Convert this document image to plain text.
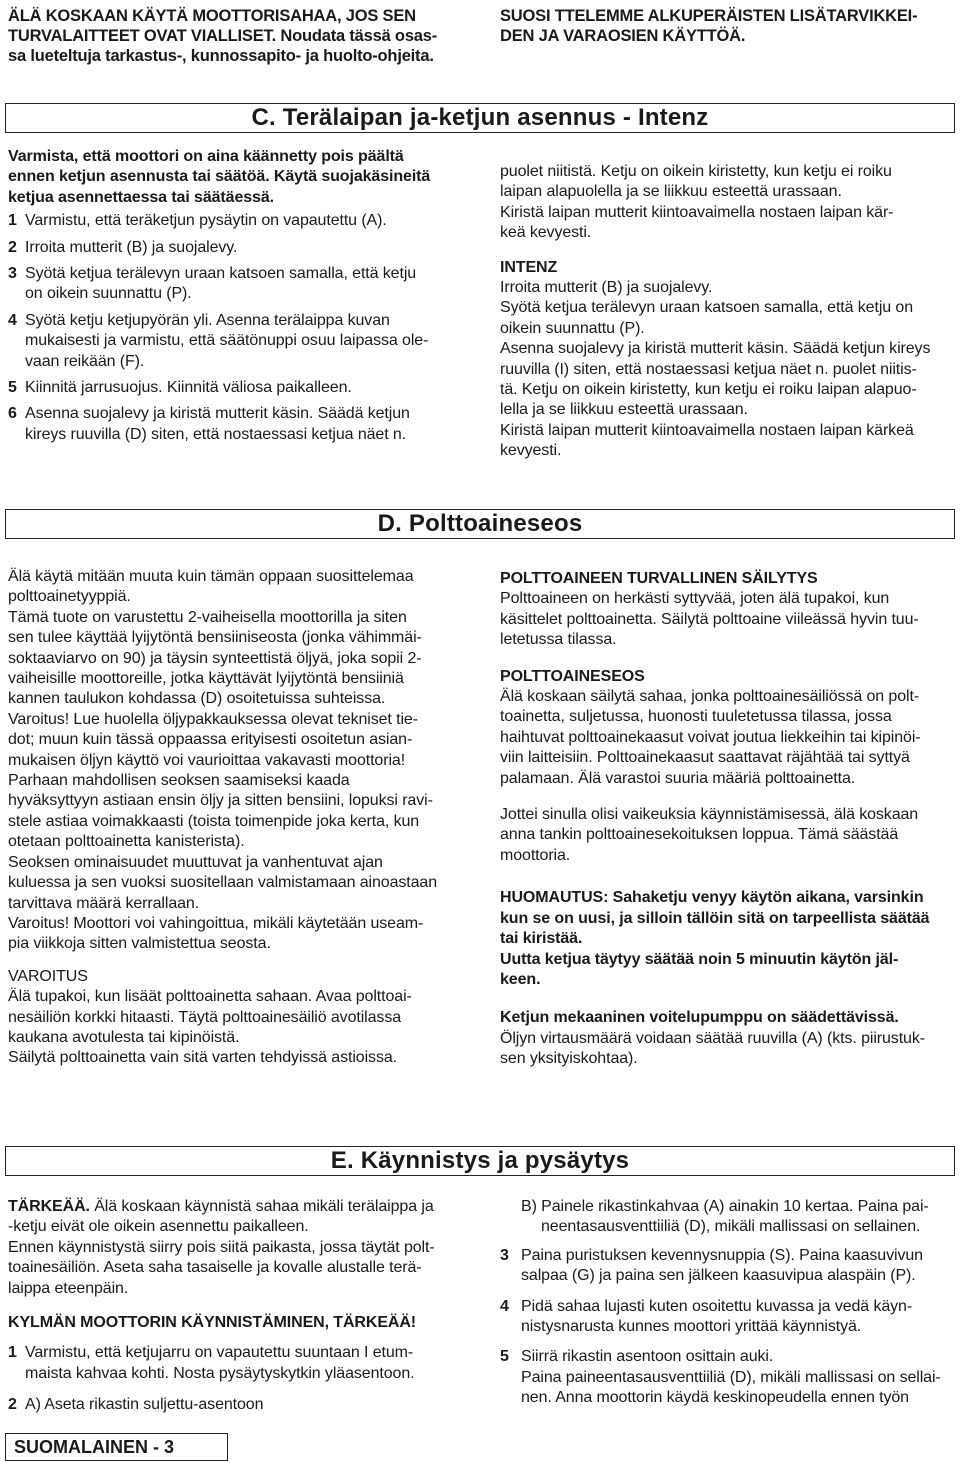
ÄLÄ KOSKAAN KÄYTÄ MOOTTORISAHAA, JOS SEN
TURVALAITTEET OVAT VIALLISET. Noudata tässä osas-
sa lueteltuja tarkastus-, kunnossapito- ja huolto-ohjeita.
SUOSI TTELEMME ALKUPERÄISTEN LISÄTARVIKKEI-
DEN JA VARAOSIEN KÄYTTÖÄ.
C. Terälaipan ja-ketjun asennus - Intenz
Varmista, että moottori on aina käännetty pois päältä
ennen ketjun asennusta tai säätöä. Käytä suojakäsineitä
ketjua asennettaessa tai säätäessä.
1 Varmistu, että teräketjun pysäytin on vapautettu (A).
2 Irroita mutterit (B) ja suojalevy.
3 Syötä ketjua terälevyn uraan katsoen samalla, että ketju
on oikein suunnattu (P).
4 Syötä ketju ketjupyörän yli. Asenna terälaippa kuvan
mukaisesti ja varmistu, että säätönuppi osuu laipassa ole-
vaan reikään (F).
5 Kiinnitä jarrusuojus. Kiinnitä väliosa paikalleen.
6 Asenna suojalevy ja kiristä mutterit käsin. Säädä ketjun
kireys ruuvilla (D) siten, että nostaessasi ketjua näet n.
puolet niitistä. Ketju on oikein kiristetty, kun ketju ei roiku
laipan alapuolella ja se liikkuu esteettä urassaan.
Kiristä laipan mutterit kiintoavaimella nostaen laipan kär-
keä kevyesti.
INTENZ
Irroita mutterit (B) ja suojalevy.
Syötä ketjua terälevyn uraan katsoen samalla, että ketju on
oikein suunnattu (P).
Asenna suojalevy ja kiristä mutterit käsin. Säädä ketjun kireys
ruuvilla (I) siten, että nostaessasi ketjua näet n. puolet niitis-
tä. Ketju on oikein kiristetty, kun ketju ei roiku laipan alapuo-
lella ja se liikkuu esteettä urassaan.
Kiristä laipan mutterit kiintoavaimella nostaen laipan kärkeä
kevyesti.
D. Polttoaineseos
Älä käytä mitään muuta kuin tämän oppaan suosittelemaa
polttoainetyyppiä.
Tämä tuote on varustettu 2-vaiheisella moottorilla ja siten
sen tulee käyttää lyijytöntä bensiiniseosta (jonka vähimmäi-
soktaaviarvo on 90) ja täysin synteettistä öljyä, joka sopii 2-
vaiheisille moottoreille, jotka käyttävät lyijytöntä bensiiniä
kannen taulukon kohdassa (D) osoitetuissa suhteissa.
Varoitus! Lue huolella öljypakkauksessa olevat tekniset tie-
dot; muun kuin tässä oppaassa erityisesti osoitetun asian-
mukaisen öljyn käyttö voi vaurioittaa vakavasti moottoria!
Parhaan mahdollisen seoksen saamiseksi kaada
hyväksyttyyn astiaan ensin öljy ja sitten bensiini, lopuksi ravi-
stele astiaa voimakkaasti (toista toimenpide joka kerta, kun
otetaan polttoainetta kanisterista).
Seoksen ominaisuudet muuttuvat ja vanhentuvat ajan
kuluessa ja sen vuoksi suositellaan valmistamaan ainoastaan
tarvittava määrä kerrallaan.
Varoitus! Moottori voi vahingoittua, mikäli käytetään useam-
pia viikkoja sitten valmistettua seosta.
VAROITUS
Älä tupakoi, kun lisäät polttoainetta sahaan. Avaa polttoai-
nesäiliön korkki hitaasti. Täytä polttoainesäiliö avotilassa
kaukana avotulesta tai kipinöistä.
Säilytä polttoainetta vain sitä varten tehdyissä astioissa.
POLTTOAINEEN TURVALLINEN SÄILYTYS
Polttoaineen on herkästi syttyvää, joten älä tupakoi, kun
käsittelet polttoainetta. Säilytä polttoaine viileässä hyvin tuu-
letetussa tilassa.
POLTTOAINESEOS
Älä koskaan säilytä sahaa, jonka polttoainesäiliössä on polt-
toainetta, suljetussa, huonosti tuuletetussa tilassa, jossa
haihtuvat polttoainekaasut voivat joutua liekkeihin tai kipinöi-
viin laitteisiin. Polttoainekaasut saattavat räjähtää tai syttyä
palamaan. Älä varastoi suuria määriä polttoainetta.
Jottei sinulla olisi vaikeuksia käynnistämisessä, älä koskaan
anna tankin polttoainesekoituksen loppua. Tämä säästää
moottoria.
HUOMAUTUS: Sahaketju venyy käytön aikana, varsinkin
kun se on uusi, ja silloin tällöin sitä on tarpeellista säätää
tai kiristää.
Uutta ketjua täytyy säätää noin 5 minuutin käytön jäl-
keen.
Ketjun mekaaninen voitelupumppu on säädettävissä.
Öljyn virtausmäärä voidaan säätää ruuvilla (A) (kts. piirustuk-
sen yksityiskohtaa).
E. Käynnistys ja pysäytys
TÄRKEÄÄ. Älä koskaan käynnistä sahaa mikäli terälaippa ja
-ketju eivät ole oikein asennettu paikalleen.
Ennen käynnistystä siirry pois siitä paikasta, jossa täytät polt-
toainesäiliön. Aseta saha tasaiselle ja kovalle alustalle terä-
laippa eteenpäin.
KYLMÄN MOOTTORIN KÄYNNISTÄMINEN, TÄRKEÄÄ!
1 Varmistu, että ketjujarru on vapautettu suuntaan I etum-
maista kahvaa kohti. Nosta pysäytyskytkin yläasentoon.
2 A) Aseta rikastin suljettu-asentoon
B) Painele rikastinkahvaa (A) ainakin 10 kertaa. Paina pai-
neentasausventtiiliä (D), mikäli mallissasi on sellainen.
3 Paina puristuksen kevennysnuppia (S). Paina kaasuvivun
salpaa (G) ja paina sen jälkeen kaasuvipua alaspäin (P).
4 Pidä sahaa lujasti kuten osoitettu kuvassa ja vedä käyn-
nistysnarusta kunnes moottori yrittää käynnistyä.
5 Siirrä rikastin asentoon osittain auki.
Paina paineentasausventtiiliä (D), mikäli mallissasi on sellai-
nen. Anna moottorin käydä keskinopeudella ennen työn
SUOMALAINEN - 3
